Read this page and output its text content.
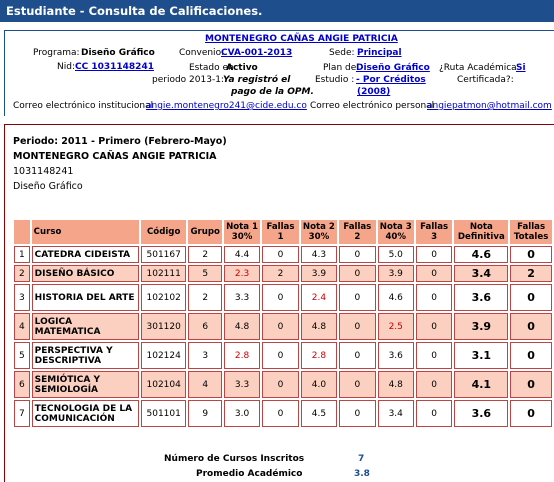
Estudiante - Consulta de Calificaciones.
MONTENEGRO CAÑAS ANGIE PATRICIA
Programa: Diseño Gráfico
Nid: CC 1031148241
Convenio:
CVA-001-2013
Estado en
Activo
periodo 2013-1: Ya registró el
pago de la OPM.
Sede: Principal
Plan de Diseño Gráfico
Estudio : - Por Créditos
(2008)
¿Ruta Académica Si
Certificada?:
Correo electrónico institucional
angie.montenegro241@cide.edu.co Correo electrónico personal
angiepatmon@hotmail.com
Periodo: 2011 - Primero (Febrero-Mayo)
MONTENEGRO CAÑAS ANGIE PATRICIA
1031148241
Diseño Gráfico
	Curso	Código	Grupo	Nota 1 30%	Fallas 1	Nota 2 30%	Fallas 2	Nota 3 40%	Fallas 3	Nota Definitiva	Fallas Totales
1	CATEDRA CIDEISTA	501167	2	4.4	0	4.3	0	5.0	0	4.6	0
2	DISEÑO BÁSICO	102111	5	2.3	2	3.9	0	3.9	0	3.4	2
3	HISTORIA DEL ARTE	102102	2	3.3	0	2.4	0	4.6	0	3.6	0
4	LOGICA MATEMATICA	301120	6	4.8	0	4.8	0	2.5	0	3.9	0
5	PERSPECTIVA Y DESCRIPTIVA	102124	3	2.8	0	2.8	0	3.6	0	3.1	0
6	SEMIÓTICA Y SEMIOLOGÍA	102104	4	3.3	0	4.0	0	4.8	0	4.1	0
7	TECNOLOGIA DE LA COMUNICACIÓN	501101	9	3.0	0	4.5	0	3.4	0	3.6	0
Número de Cursos Inscritos	7
Promedio Académico	3.8
